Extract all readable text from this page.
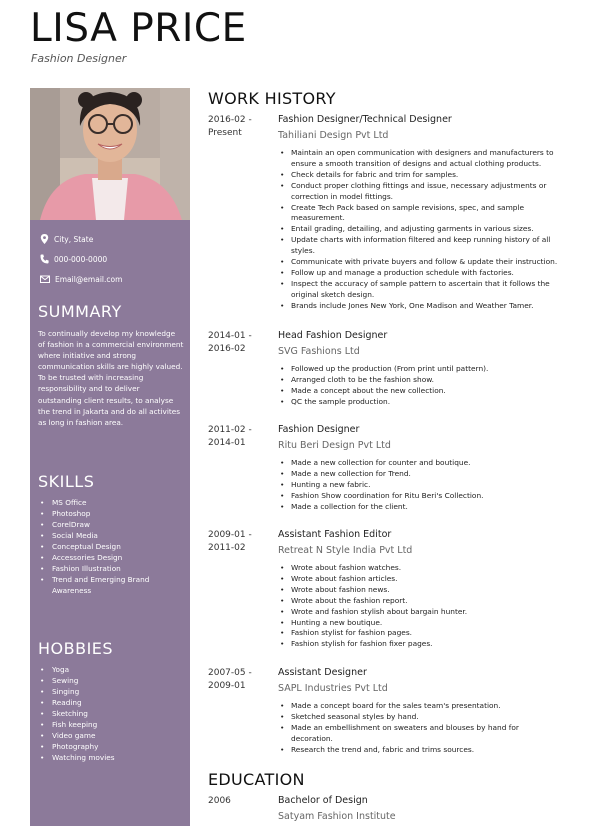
LISA PRICE
Fashion Designer
City, State
000-000-0000
Email@email.com
SUMMARY
To continually develop my knowledge of fashion in a commercial environment where initiative and strong communication skills are highly valued. To be trusted with increasing responsibility and to deliver outstanding client results, to analyse the trend in Jakarta and do all activites as long in fashion area.
SKILLS
• MS Office
• Photoshop
• CorelDraw
• Social Media
• Conceptual Design
• Accessories Design
• Fashion Illustration
• Trend and Emerging Brand Awareness
HOBBIES
• Yoga
• Sewing
• Singing
• Reading
• Sketching
• Fish keeping
• Video game
• Photography
• Watching movies
WORK HISTORY
2016-02 -
Present
Fashion Designer/Technical Designer
Tahiliani Design Pvt Ltd
• Maintain an open communication with designers and manufacturers to ensure a smooth transition of designs and actual clothing products.
• Check details for fabric and trim for samples.
• Conduct proper clothing fittings and issue, necessary adjustments or correction in model fittings.
• Create Tech Pack based on sample revisions, spec, and sample measurement.
• Entail grading, detailing, and adjusting garments in various sizes.
• Update charts with information filtered and keep running history of all styles.
• Communicate with private buyers and follow & update their instruction.
• Follow up and manage a production schedule with factories.
• Inspect the accuracy of sample pattern to ascertain that it follows the original sketch design.
• Brands include Jones New York, One Madison and Weather Tamer.
2014-01 -
2016-02
Head Fashion Designer
SVG Fashions Ltd
• Followed up the production (From print until pattern).
• Arranged cloth to be the fashion show.
• Made a concept about the new collection.
• QC the sample production.
2011-02 -
2014-01
Fashion Designer
Ritu Beri Design Pvt Ltd
• Made a new collection for counter and boutique.
• Made a new collection for Trend.
• Hunting a new fabric.
• Fashion Show coordination for Ritu Beri's Collection.
• Made a collection for the client.
2009-01 -
2011-02
Assistant Fashion Editor
Retreat N Style India Pvt Ltd
• Wrote about fashion watches.
• Wrote about fashion articles.
• Wrote about fashion news.
• Wrote about the fashion report.
• Wrote and fashion stylish about bargain hunter.
• Hunting a new boutique.
• Fashion stylist for fashion pages.
• Fashion stylish for fashion fixer pages.
2007-05 -
2009-01
Assistant Designer
SAPL Industries Pvt Ltd
• Made a concept board for the sales team's presentation.
• Sketched seasonal styles by hand.
• Made an embellishment on sweaters and blouses by hand for decoration.
• Research the trend and, fabric and trims sources.
EDUCATION
2006	Bachelor of Design
Satyam Fashion Institute
